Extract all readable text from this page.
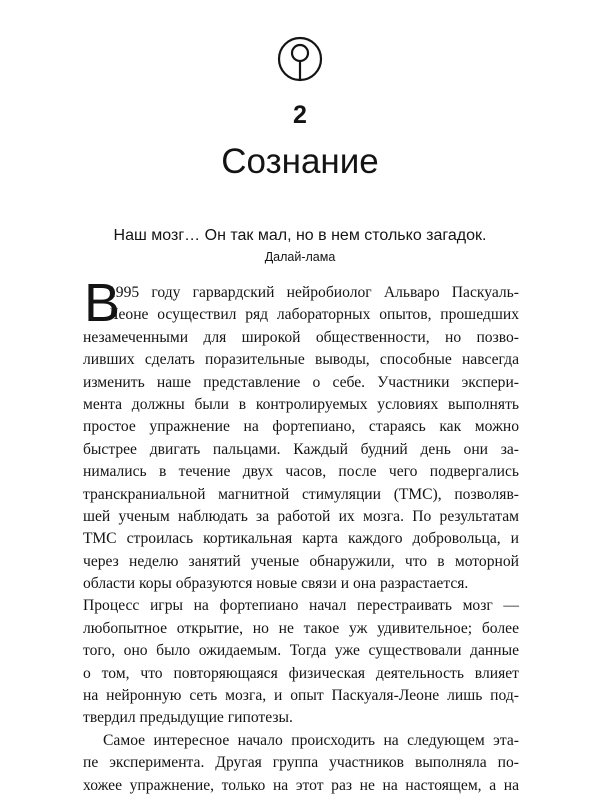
2
Сознание
Наш мозг… Он так мал, но в нем столько загадок.
Далай-лама
В
1995 году гарвардский нейробиолог Альваро Паскуаль-
Леоне осуществил ряд лабораторных опытов, прошедших
незамеченными для широкой общественности, но позво-
ливших сделать поразительные выводы, способные навсегда
изменить наше представление о себе. Участники экспери-
мента должны были в контролируемых условиях выполнять
простое упражнение на фортепиано, стараясь как можно
быстрее двигать пальцами. Каждый будний день они за-
нимались в течение двух часов, после чего подвергались
транскраниальной магнитной стимуляции (ТМС), позволяв-
шей ученым наблюдать за работой их мозга. По результатам
ТМС строилась кортикальная карта каждого добровольца, и
через неделю занятий ученые обнаружили, что в моторной
области коры образуются новые связи и она разрастается.
Процесс игры на фортепиано начал перестраивать мозг —
любопытное открытие, но не такое уж удивительное; более
того, оно было ожидаемым. Тогда уже существовали данные
о том, что повторяющаяся физическая деятельность влияет
на нейронную сеть мозга, и опыт Паскуаля-Леоне лишь под-
твердил предыдущие гипотезы.
Самое интересное начало происходить на следующем эта-
пе эксперимента. Другая группа участников выполняла по-
хожее упражнение, только на этот раз не на настоящем, а на
